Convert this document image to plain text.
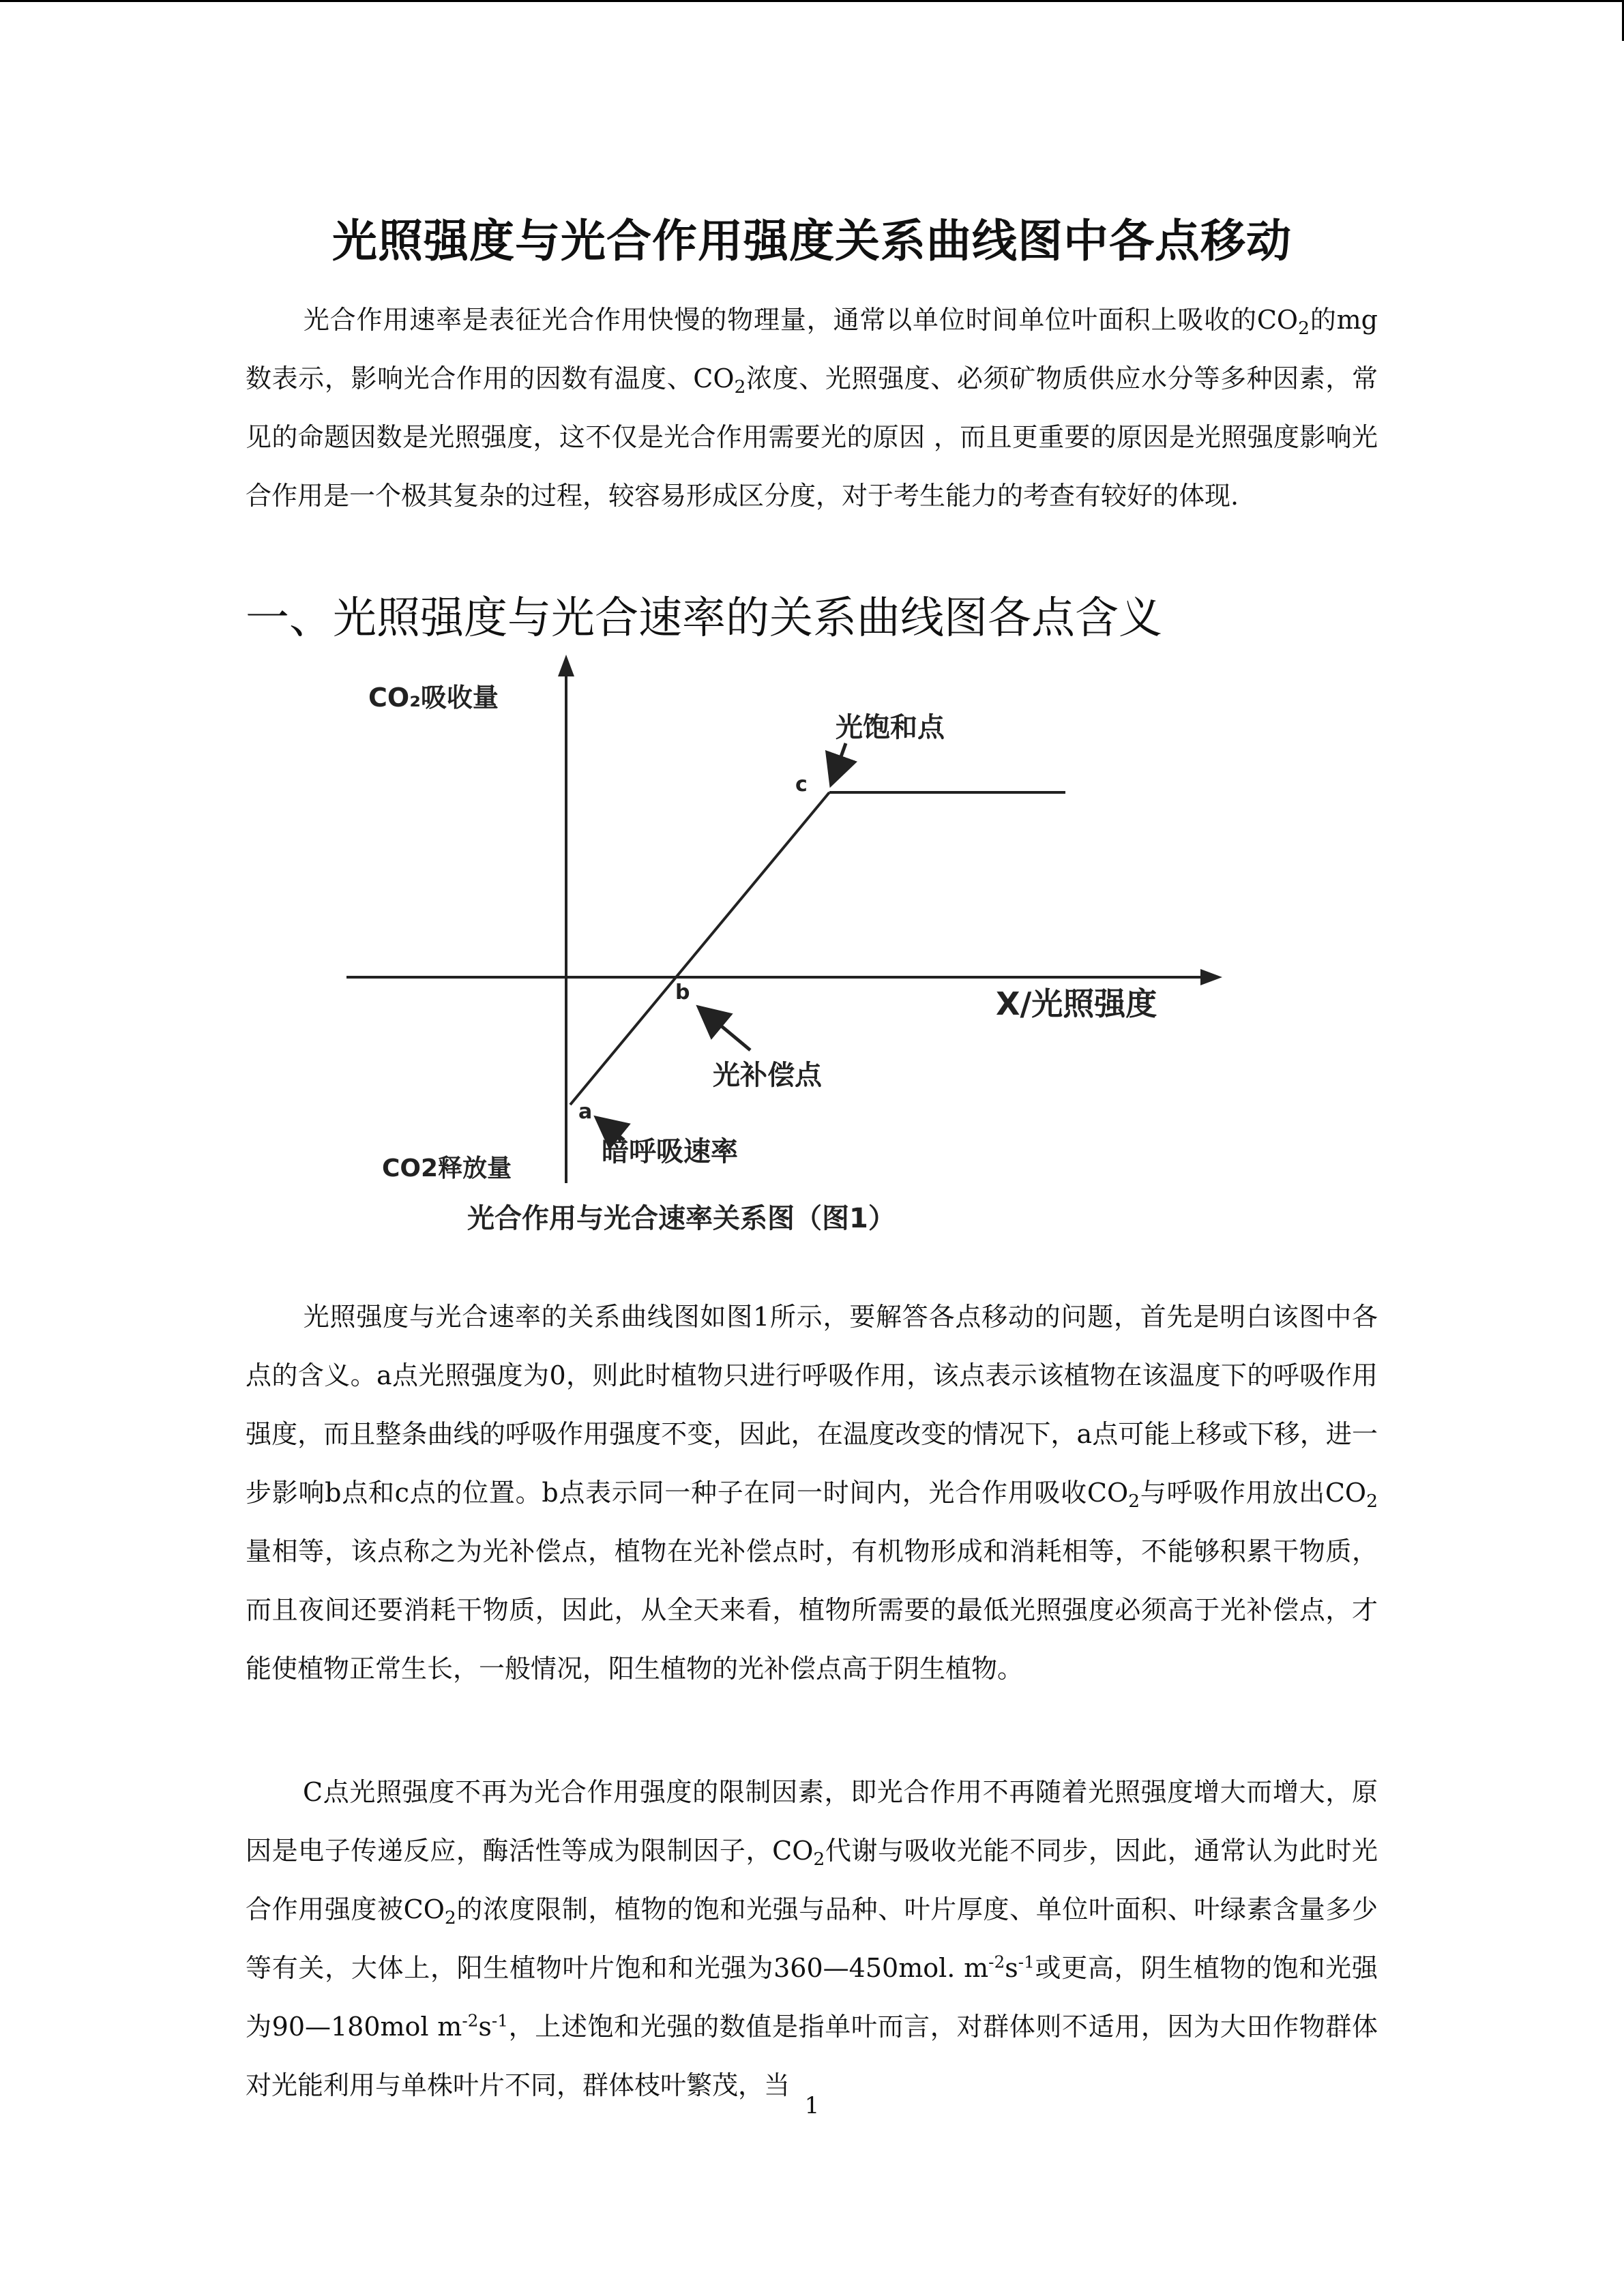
光照强度与光合作用强度关系曲线图中各点移动

光合作用速率是表征光合作用快慢的物理量，通常以单位时间单位叶面积上吸收的$CO_2$的mg数表示，影响光合作用的因数有温度、$CO_2$浓度、光照强度、必须矿物质供应水分等多种因素，常见的命题因数是光照强度，这不仅是光合作用需要光的原因 ，而且更重要的原因是光照强度影响光合作用是一个极其复杂的过程，较容易形成区分度，对于考生能力的考查有较好的体现.

一、光照强度与光合速率的关系曲线图各点含义
CO₂吸收量
CO2释放量
X/光照强度
a
b
c
光饱和点
光补偿点
暗呼吸速率
光合作用与光合速率关系图（图1）

光照强度与光合速率的关系曲线图如图1所示，要解答各点移动的问题，首先是明白该图中各点的含义。a点光照强度为0，则此时植物只进行呼吸作用，该点表示该植物在该温度下的呼吸作用强度，而且整条曲线的呼吸作用强度不变，因此，在温度改变的情况下，a点可能上移或下移，进一步影响b点和c点的位置。b点表示同一种子在同一时间内，光合作用吸收$CO_2$与呼吸作用放出$CO_2$量相等，该点称之为光补偿点，植物在光补偿点时，有机物形成和消耗相等，不能够积累干物质，而且夜间还要消耗干物质，因此，从全天来看，植物所需要的最低光照强度必须高于光补偿点，才能使植物正常生长，一般情况，阳生植物的光补偿点高于阴生植物。

C点光照强度不再为光合作用强度的限制因素，即光合作用不再随着光照强度增大而增大，原因是电子传递反应，酶活性等成为限制因子，$CO_2$代谢与吸收光能不同步，因此，通常认为此时光合作用强度被$CO_2$的浓度限制，植物的饱和光强与品种、叶片厚度、单位叶面积、叶绿素含量多少等有关，大体上，阳生植物叶片饱和和光强为360—450mol. $m^{-2}s^{-1}$或更高，阴生植物的饱和光强为90—180mol $m^{-2}s^{-1}$，上述饱和光强的数值是指单叶而言，对群体则不适用，因为大田作物群体对光能利用与单株叶片不同，群体枝叶繁茂，当

1
